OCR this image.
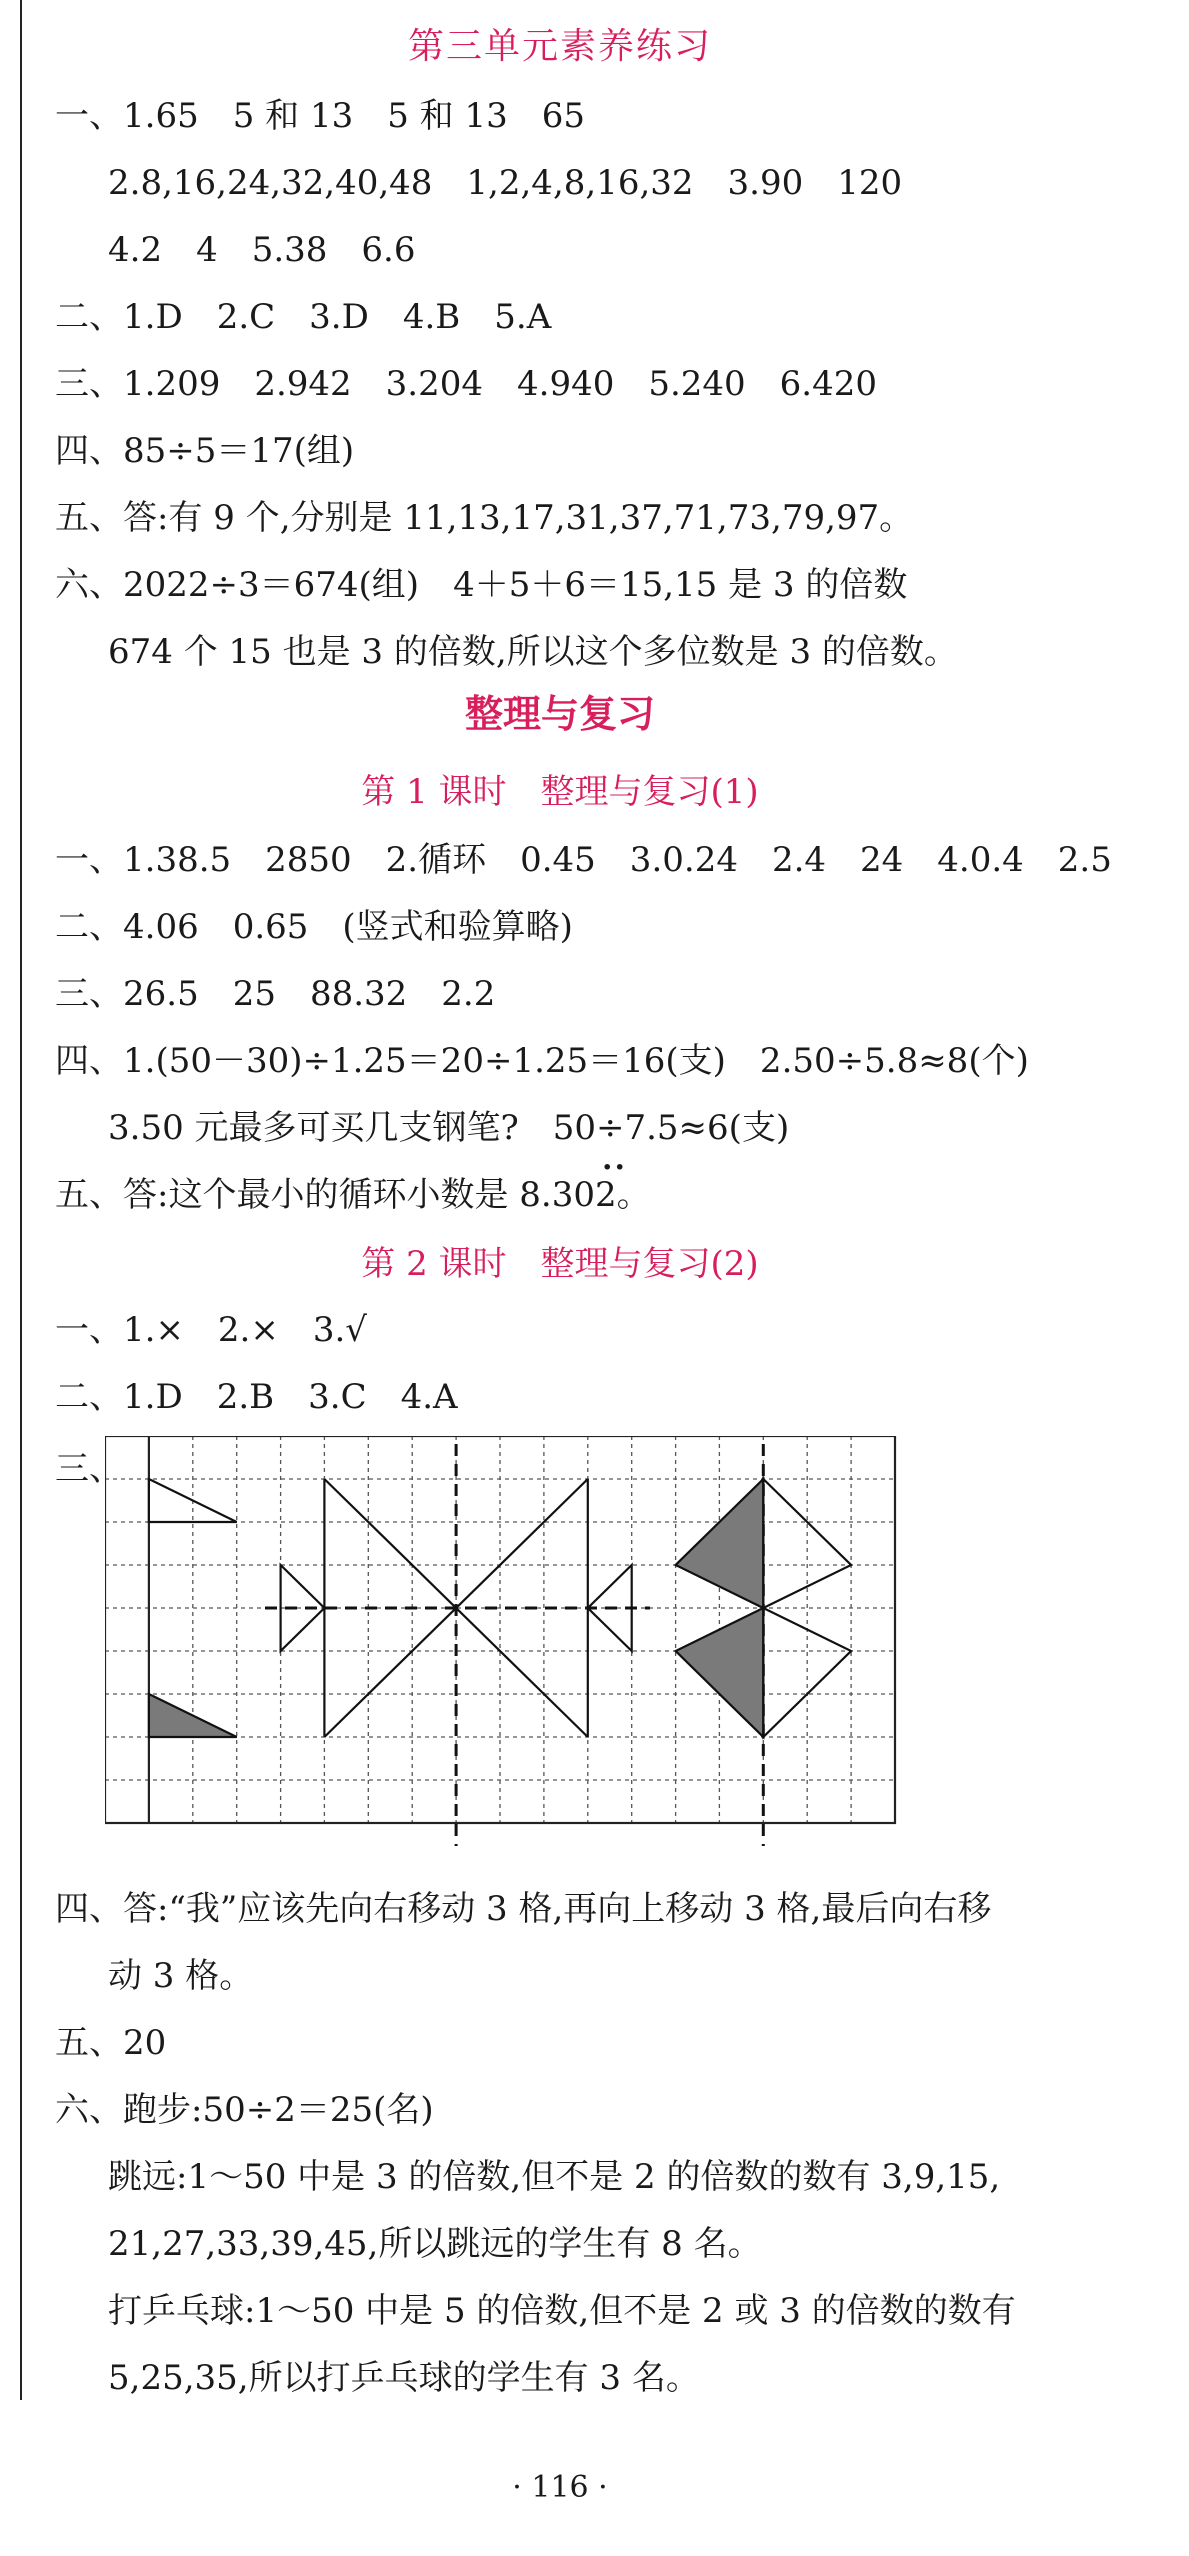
第三单元素养练习
一、1.65　5 和 13　5 和 13　65
2.8,16,24,32,40,48　1,2,4,8,16,32　3.90　120
4.2　4　5.38　6.6
二、1.D　2.C　3.D　4.B　5.A
三、1.209　2.942　3.204　4.940　5.240　6.420
四、85÷5＝17(组)
五、答:有 9 个,分别是 11,13,17,31,37,71,73,79,97。
六、2022÷3＝674(组)　4＋5＋6＝15,15 是 3 的倍数
674 个 15 也是 3 的倍数,所以这个多位数是 3 的倍数。
整理与复习
第 1 课时　整理与复习(1)
一、1.38.5　2850　2.循环　0.45　3.0.24　2.4　24　4.0.4　2.5
二、4.06　0.65　(竖式和验算略)
三、26.5　25　88.32　2.2
四、1.(50－30)÷1.25＝20÷1.25＝16(支)　2.50÷5.8≈8(个)
3.50 元最多可买几支钢笔?　50÷7.5≈6(支)
··
五、答:这个最小的循环小数是 8.302。
第 2 课时　整理与复习(2)
一、1.×　2.×　3.√
二、1.D　2.B　3.C　4.A
三、
四、答:“我”应该先向右移动 3 格,再向上移动 3 格,最后向右移
动 3 格。
五、20
六、跑步:50÷2＝25(名)
跳远:1～50 中是 3 的倍数,但不是 2 的倍数的数有 3,9,15,
21,27,33,39,45,所以跳远的学生有 8 名。
打乒乓球:1～50 中是 5 的倍数,但不是 2 或 3 的倍数的数有
5,25,35,所以打乒乓球的学生有 3 名。
· 116 ·
